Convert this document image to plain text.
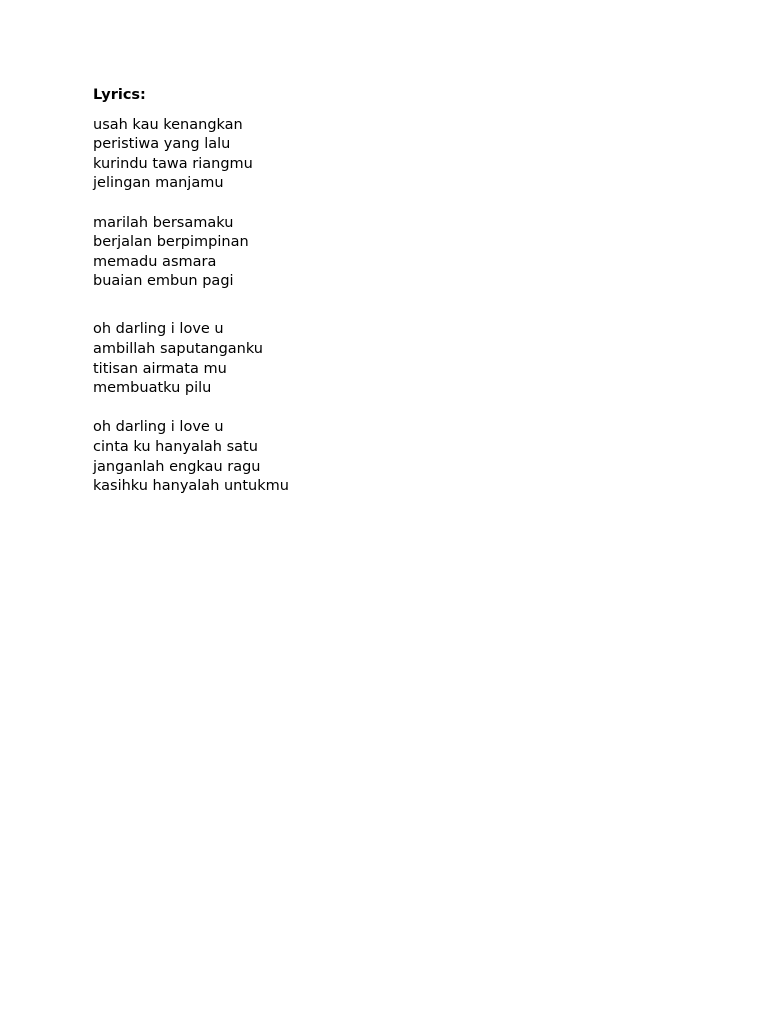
Lyrics:
usah kau kenangkan
peristiwa yang lalu
kurindu tawa riangmu
jelingan manjamu
marilah bersamaku
berjalan berpimpinan
memadu asmara
buaian embun pagi
oh darling i love u
ambillah saputanganku
titisan airmata mu
membuatku pilu
oh darling i love u
cinta ku hanyalah satu
janganlah engkau ragu
kasihku hanyalah untukmu
